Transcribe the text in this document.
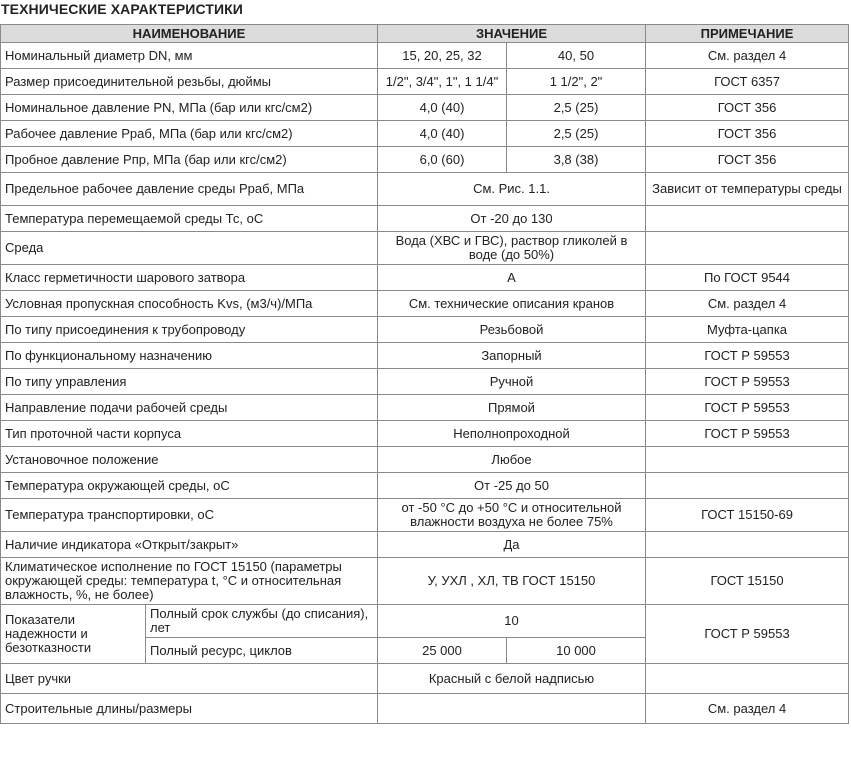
ТЕХНИЧЕСКИЕ ХАРАКТЕРИСТИКИ
НАИМЕНОВАНИЕ		ЗНАЧЕНИЕ		ПРИМЕЧАНИЕ
Номинальный диаметр DN, мм		15, 20, 25, 32	40, 50	См. раздел 4
Размер присоединительной резьбы, дюймы		1/2", 3/4", 1", 1 1/4"	1 1/2", 2"	ГОСТ 6357
Номинальное давление PN, МПа (бар или кгс/см2)		4,0 (40)	2,5 (25)	ГОСТ 356
Рабочее давление Рраб, МПа (бар или кгс/см2)		4,0 (40)	2,5 (25)	ГОСТ 356
Пробное давление Рпр, МПа (бар или кгс/см2)		6,0 (60)	3,8 (38)	ГОСТ 356
Предельное рабочее давление среды Рраб, МПа		См. Рис. 1.1.		Зависит от температуры среды
Температура перемещаемой среды Тс, оС		От -20 до 130		
Среда		Вода (ХВС и ГВС), раствор гликолей в воде (до 50%)		
Класс герметичности шарового затвора		А		По ГОСТ 9544
Условная пропускная способность Kvs, (м3/ч)/МПа		См. технические описания кранов		См. раздел 4
По типу присоединения к трубопроводу		Резьбовой		Муфта-цапка
По функциональному назначению		Запорный		ГОСТ Р 59553
По типу управления		Ручной		ГОСТ Р 59553
Направление подачи рабочей среды		Прямой		ГОСТ Р 59553
Тип проточной части корпуса		Неполнопроходной		ГОСТ Р 59553
Установочное положение		Любое		
Температура окружающей среды, оС		От -25 до 50		
Температура транспортировки, оС		от -50 °С до +50 °С и относительной влажности воздуха не более 75%		ГОСТ 15150-69
Наличие индикатора «Открыт/закрыт»		Да		
Климатическое исполнение по ГОСТ 15150 (параметры окружающей среды: температура t, °С и относительная влажность, %, не более)		У, УХЛ , ХЛ, ТВ ГОСТ 15150		ГОСТ 15150
Показатели надежности и безотказности	Полный срок службы (до списания), лет	10		ГОСТ Р 59553
	Полный ресурс, циклов	25 000	10 000	
Цвет ручки		Красный с белой надписью		
Строительные длины/размеры				См. раздел 4
